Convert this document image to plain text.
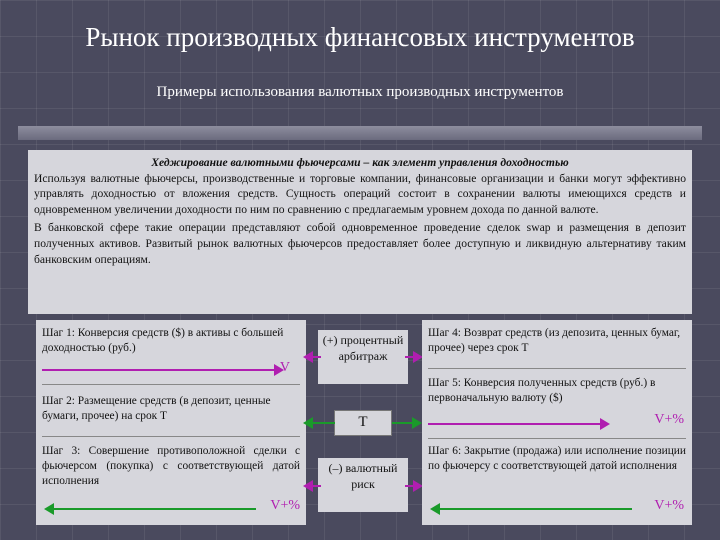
Рынок производных финансовых инструментов
Примеры использования валютных производных инструментов
Хеджирование валютными фьючерсами – как элемент управления доходностью

Используя валютные фьючерсы, производственные и торговые компании, финансовые организации и банки могут эффективно управлять доходностью от вложения средств. Сущность операций состоит в сохранении валюты имеющихся средств и одновременном увеличении доходности по ним по сравнению с предлагаемым уровнем дохода по данной валюте.

В банковской сфере такие операции представляют собой одновременное проведение сделок swap и размещения в депозит полученных активов. Развитый рынок валютных фьючерсов предоставляет более доступную и ликвидную альтернативу таким банковским операциям.

Шаг 1: Конверсия средств ($) в активы с большей доходностью (руб.)
V
Шаг 2: Размещение средств (в депозит, ценные бумаги, прочее) на срок Т
Шаг 3: Совершение противоположной сделки с фьючерсом (покупка) с соответствующей датой исполнения
V+%
(+) процентный арбитраж
Т
(–) валютный риск
Шаг 4: Возврат средств (из депозита, ценных бумаг, прочее) через срок Т
Шаг 5: Конверсия полученных средств (руб.) в первоначальную валюту ($)
V+%
Шаг 6: Закрытие (продажа) или исполнение позиции по фьючерсу с соответствующей датой исполнения
V+%
